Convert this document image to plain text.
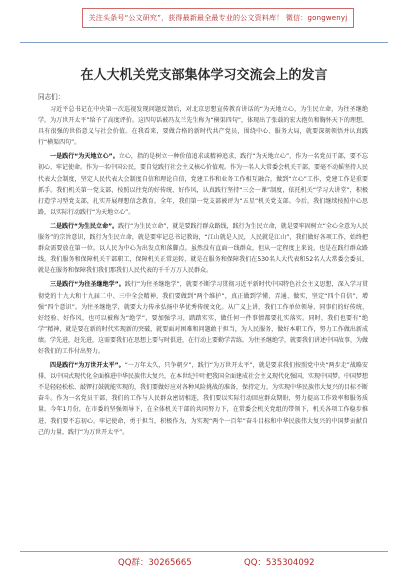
关注头条号“公文研究”，获得最新最全最专业的公文资料库！ 微信：gongwenyj
在人大机关党支部集体学习交流会上的发言
同志们：

习近平总书记在中央第一次巡视发现问题反馈后，对北京思想宣传教育讲话的“为天地立心，为生民立命，为往圣继绝学，为万世开太平”给予了高度评价。这四句话被冯友兰先生称为“横渠四句”，体现出了张载的宏大抱负和胸怀天下的理想，具有很强的世俗意义与社会价值。在我看来，要做合格的新时代共产党员，围绕中心、服务大局，就要深刻领悟并认真践行“横渠四句”。

一是践行“为天地立心”。立心，指的是树立一种价值追求或精神追求，践行“为天地立心”，作为一名党员干部，要不忘初心、牢记使命。作为一名中国公民，要自觉践行社会主义核心价值观。作为一名人大常委会机关干部，要毫不动摇坚持人民代表大会制度，坚定人民代表大会制度自信和理论自信，党建工作和业务工作相互融合，做到“立心”工作，党建工作是重要抓手。我们机关第一党支部，按照以往党的好传统、好作风，认真践行坚持“三会一课”制度，依托机关“学习大讲堂”，积极打造学习型党支部，扎实开展理想信念教育，全年，我们第一党支部被评为“五星”机关党支部。今后，我们继续按照中心思路，以实际行动践行“为天地立心”。

二是践行“为生民立命”。践行“为生民立命”，就是要践行群众路线，践行为生民立命，就是要牢固树立“全心全意为人民服务”的宗旨意识，践行为生民立命，就是要牢记总书记教诲，“江山就是人民，人民就是江山”，我们做好各项工作，始终把群众需要放在第一位。以人民为中心为出发点和落脚点。虽然没有直面一线群众，但从一定程度上来说，也是在践行群众路线。我们服务和保障机关干部职工，保障机关正常运转，就是在服务和保障我们在530名人大代表和52名人大常委会委员，就是在服务和保障我们我们那我们人民代表的千千万万人民群众。

三是践行“为往圣继绝学”。践行“为往圣继绝学”，就要不断学习贯彻习近平新时代中国特色社会主义思想，深入学习贯彻党的十九大和十九届二中、三中全会精神，我们要做到“两个维护”，真正做到学懂、弄通、做实，坚定“四个自信”，增强“四个意识”。为往圣继绝学，就要大力传承弘扬中华优秀传统文化。从广义上讲，我们工作单位领导、同事们的好传统、好经验、好作风，也可以被称为“绝学”，要加强学习，踏踏实实，做任何一件事情都要扎实落实。同时，我们也要有“绝学”精神，就是要在新的时代实现新的突破，就要面对困难和问题敢于担当，为人民服务，做好本职工作，努力工作做出新成绩。学先进，赶先进，这需要我们在思想上要与时俱进，在行动上要勤学苦练。为往圣继绝学，就要我们讲述中国故事，为做好我们的工作付出努力。

四是践行“为万世开太平”。“一万年太久，只争朝夕”，践行“为万世开太平”，就是要求我们按照党中央“两步走”战略安排，以中国式现代化全面推进中华民族伟大复兴，在本世纪中叶把我国全面建成社会主义现代化强国，实现中国梦。中国梦想不是轻轻松松、敲锣打鼓就能实现的，我们要做好应对各种风险挑战的准备，保持定力，为实现中华民族伟大复兴的目标不断奋斗。作为一名党员干部，我们的工作与人民群众密切相连，我们要以实际行动回应群众期盼，努力提高工作效率和服务质量。今年1月份，在市委的坚强领导下，在全体机关干部的共同努力下，在常委会机关党组的带领下，机关各项工作稳步推进，我们要不忘初心，牢记使命，勇于担当，积极作为，为实现“两个一百年”奋斗目标和中华民族伟大复兴的中国梦贡献自己的力量，践行“为万世开太平”。

QQ群：30265665	QQ：535304092
